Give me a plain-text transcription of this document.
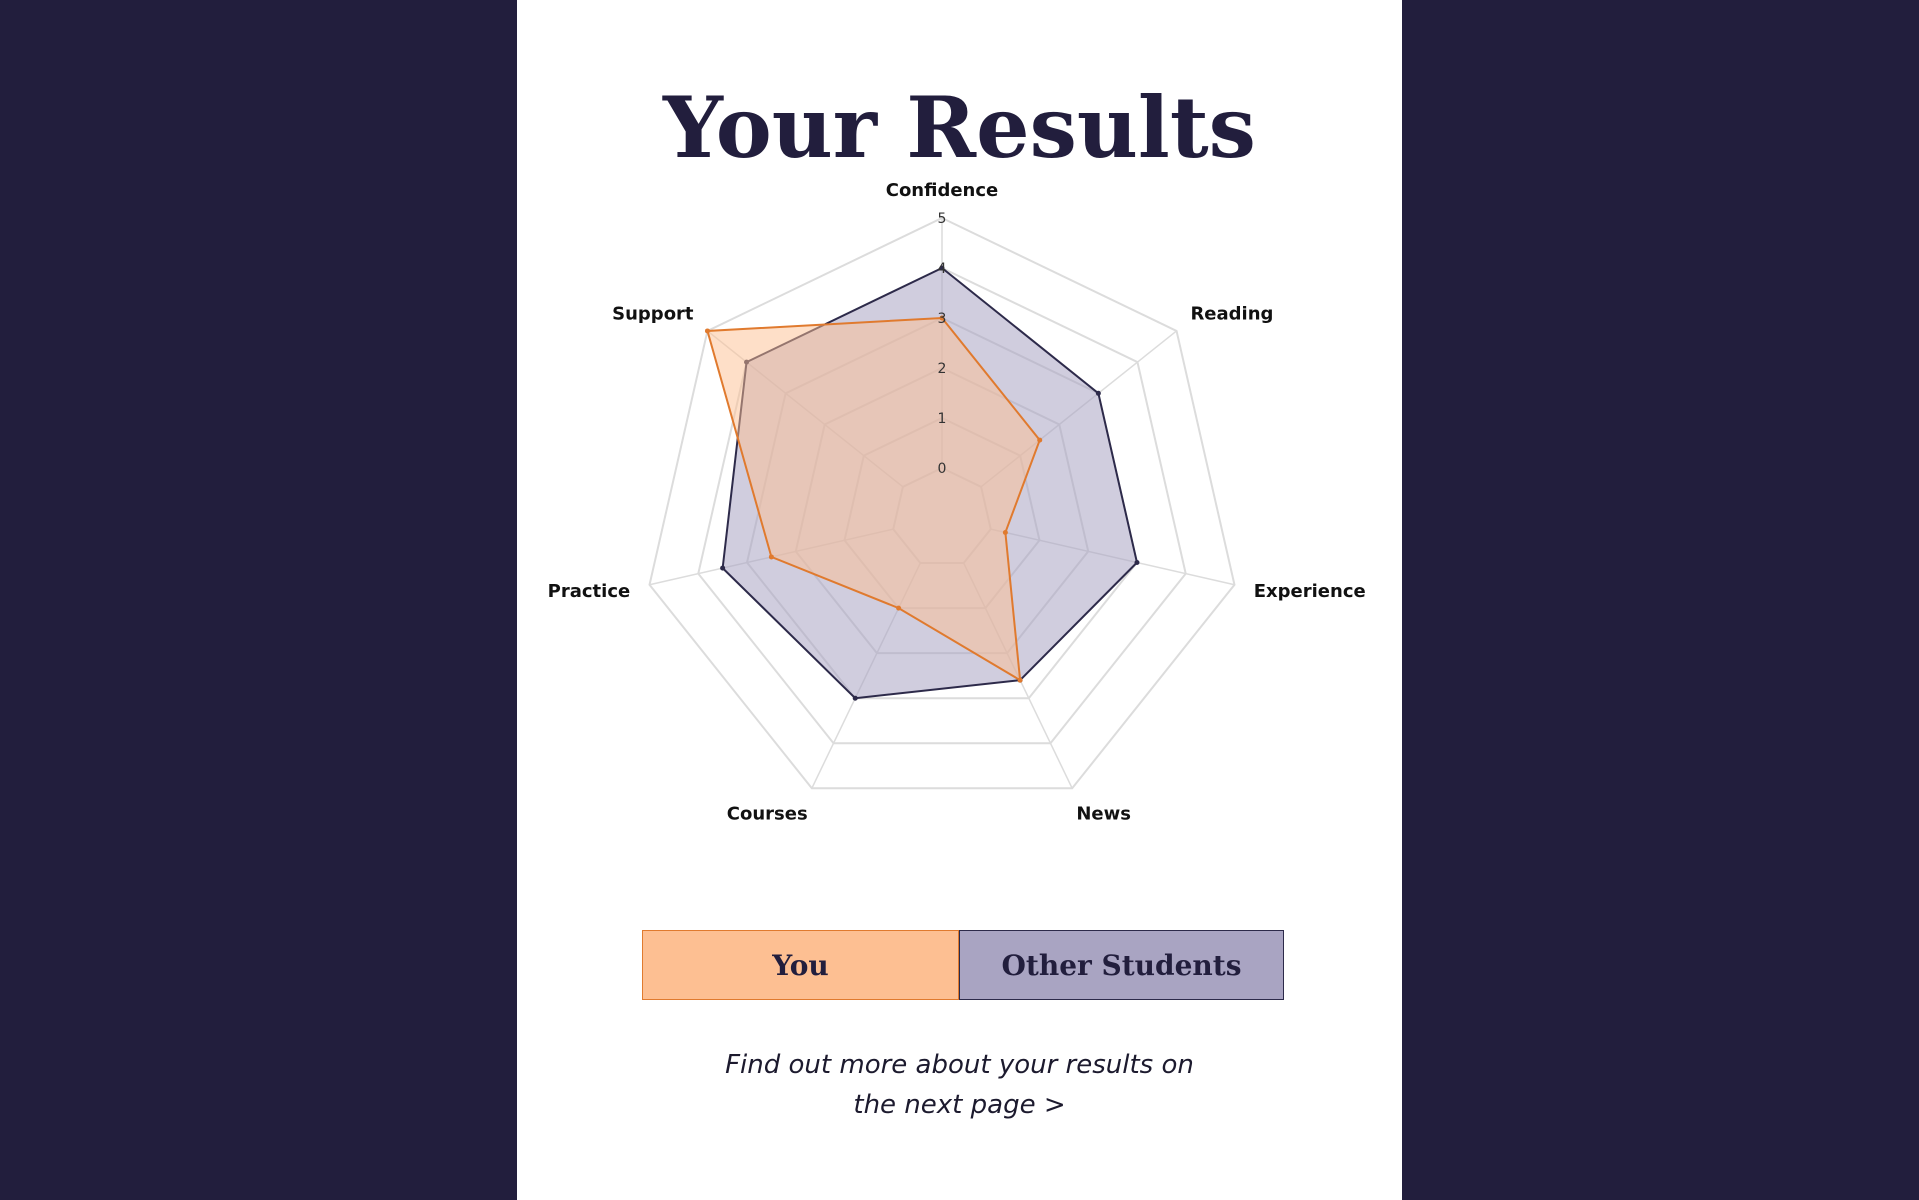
Your Results
0
1
2
3
4
5
Confidence
Reading
Experience
News
Courses
Practice
Support
You	Other Students
Find out more about your results on
the next page >
